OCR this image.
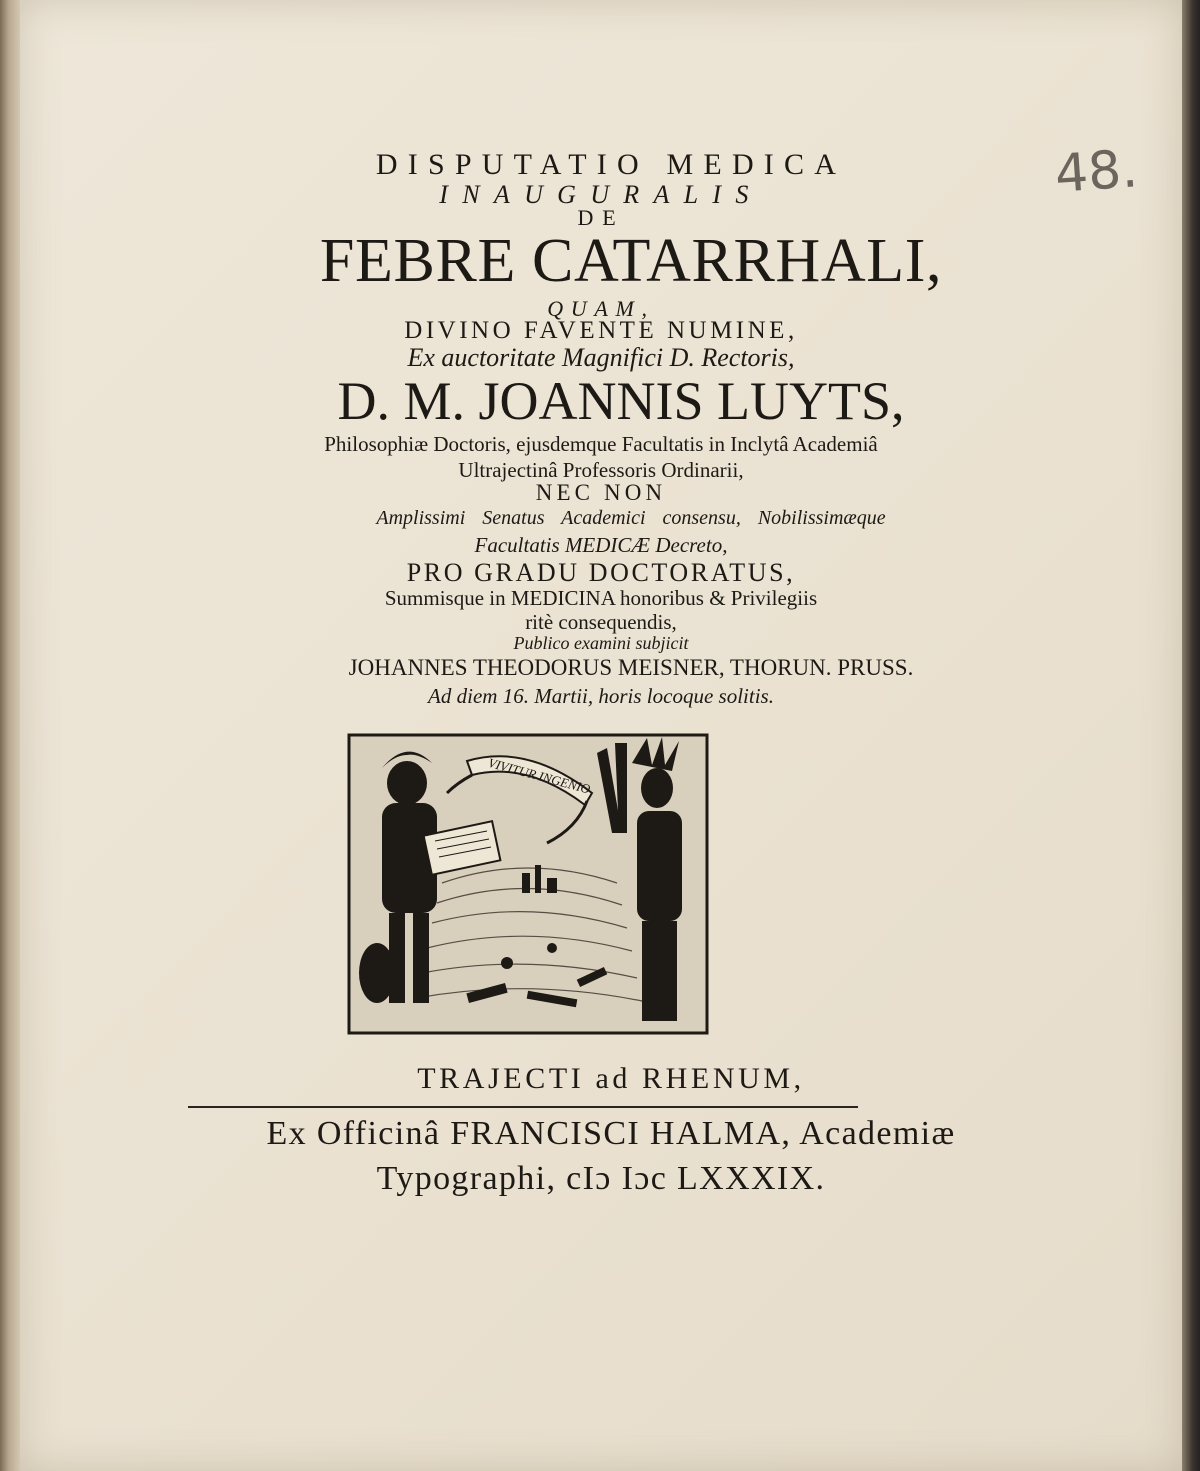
48.
DISPUTATIO MEDICA
INAUGURALIS
DE
FEBRE CATARRHALI,
QUAM,
DIVINO FAVENTE NUMINE,
Ex auctoritate Magnifici D. Rectoris,
D. M. JOANNIS LUYTS,
Philosophiæ Doctoris, ejusdemque Facultatis in Inclytâ Academiâ
Ultrajectinâ Professoris Ordinarii,
NEC NON
Amplissimi Senatus Academici consensu, Nobilissimæque
Facultatis MEDICÆ Decreto,
PRO GRADU DOCTORATUS,
Summisque in MEDICINA honoribus & Privilegiis
ritè consequendis,
Publico examini subjicit
JOHANNES THEODORUS MEISNER, THORUN. PRUSS.
Ad diem 16. Martii, horis locoque solitis.
VIVITUR INGENIO
TRAJECTI ad RHENUM,
Ex Officinâ FRANCISCI HALMA, Academiæ
Typographi, cIɔ Iɔc LXXXIX.
